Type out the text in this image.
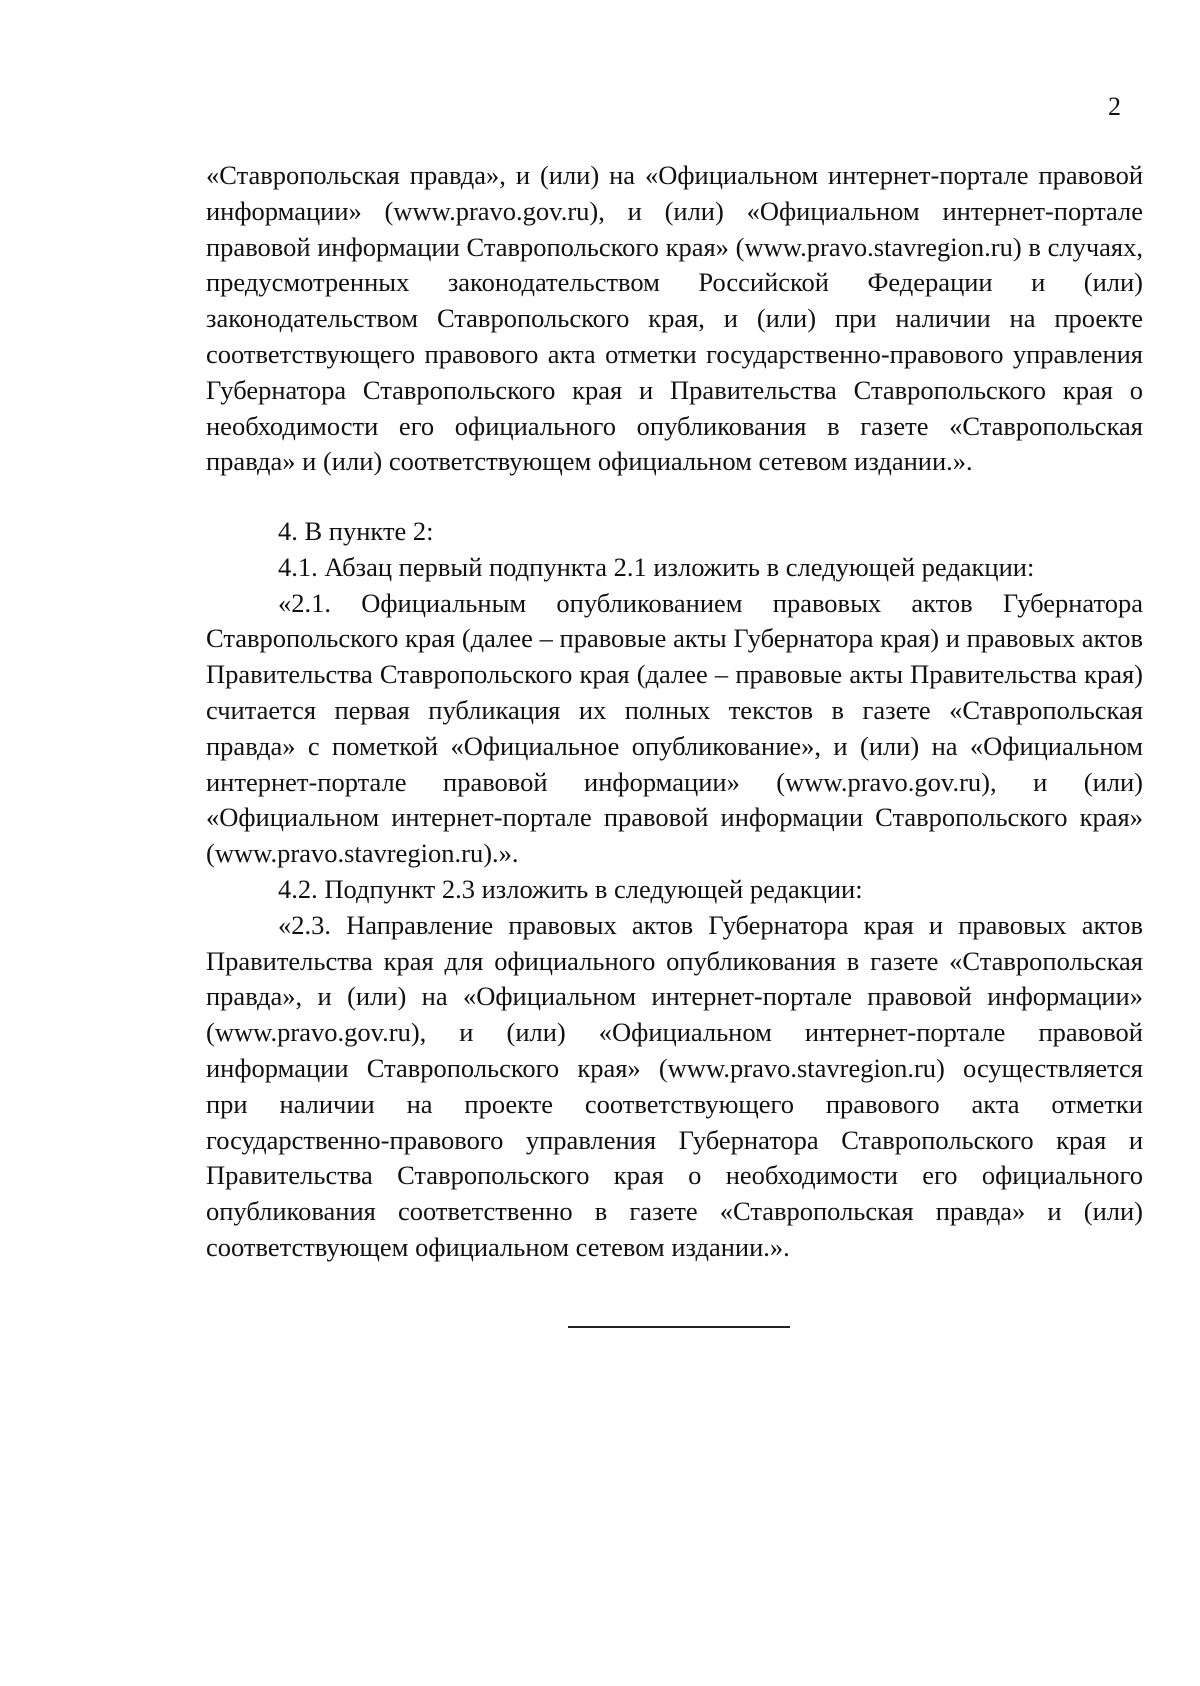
2

«Ставропольская правда», и (или) на «Официальном интернет-портале правовой информации» (www.pravo.gov.ru), и (или) «Официальном интернет-портале правовой информации Ставропольского края» (www.pravo.stavregion.ru) в случаях, предусмотренных законодательством Российской Федерации и (или) законодательством Ставропольского края, и (или) при наличии на проекте соответствующего правового акта отметки государственно-правового управления Губернатора Ставропольского края и Правительства Ставропольского края о необходимости его официального опубликования в газете «Ставропольская правда» и (или) соответствующем официальном сетевом издании.».

4. В пункте 2:

4.1. Абзац первый подпункта 2.1 изложить в следующей редакции:

«2.1. Официальным опубликованием правовых актов Губернатора Ставропольского края (далее – правовые акты Губернатора края) и правовых актов Правительства Ставропольского края (далее – правовые акты Правительства края) считается первая публикация их полных текстов в газете «Ставропольская правда» с пометкой «Официальное опубликование», и (или) на «Официальном интернет-портале правовой информации» (www.pravo.gov.ru), и (или) «Официальном интернет-портале правовой информации Ставропольского края» (www.pravo.stavregion.ru).».

4.2. Подпункт 2.3 изложить в следующей редакции:

«2.3. Направление правовых актов Губернатора края и правовых актов Правительства края для официального опубликования в газете «Ставропольская правда», и (или) на «Официальном интернет-портале правовой информации» (www.pravo.gov.ru), и (или) «Официальном интернет-портале правовой информации Ставропольского края» (www.pravo.stavregion.ru) осуществляется при наличии на проекте соответствующего правового акта отметки государственно-правового управления Губернатора Ставропольского края и Правительства Ставропольского края о необходимости его официального опубликования соответственно в газете «Ставропольская правда» и (или) соответствующем официальном сетевом издании.».
